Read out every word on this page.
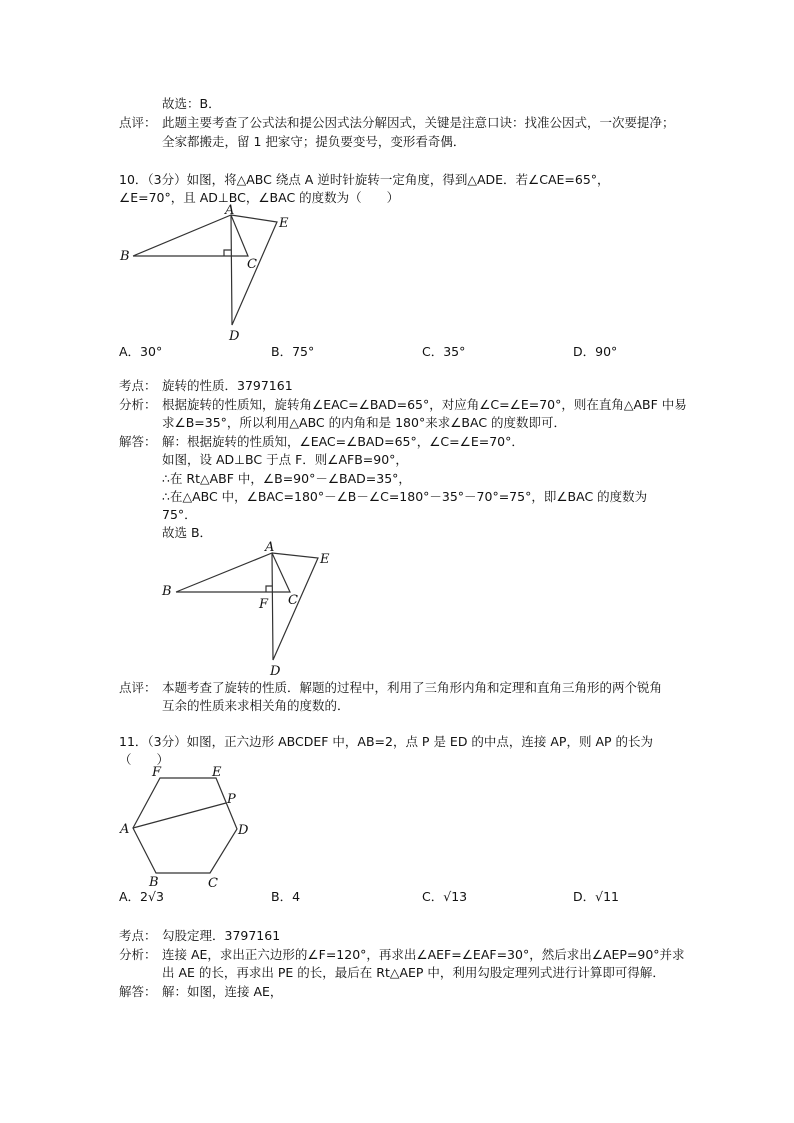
故选：B．
点评： 此题主要考查了公式法和提公因式法分解因式，关键是注意口诀：找准公因式，一次要提净；
全家都搬走，留 1 把家守；提负要变号，变形看奇偶．
10．（3分）如图，将△ABC 绕点 A 逆时针旋转一定角度，得到△ADE．若∠CAE=65°，
∠E=70°，且 AD⊥BC，∠BAC 的度数为（　　）
A
B
C
D
E
A
B
C
D
E
F
F	E
P
D
C
B
A
A．30°	B．75°	C．35°	D．90°
考点： 旋转的性质．3797161
分析： 根据旋转的性质知，旋转角∠EAC=∠BAD=65°，对应角∠C=∠E=70°，则在直角△ABF 中易
求∠B=35°，所以利用△ABC 的内角和是 180°来求∠BAC 的度数即可．
解答： 解：根据旋转的性质知，∠EAC=∠BAD=65°，∠C=∠E=70°．
如图，设 AD⊥BC 于点 F．则∠AFB=90°，
∴在 Rt△ABF 中，∠B=90°－∠BAD=35°，
∴在△ABC 中，∠BAC=180°－∠B－∠C=180°－35°－70°=75°，即∠BAC 的度数为
75°．
故选 B．
点评： 本题考查了旋转的性质．解题的过程中，利用了三角形内角和定理和直角三角形的两个锐角
互余的性质来求相关角的度数的．
11．（3分）如图，正六边形 ABCDEF 中，AB=2，点 P 是 ED 的中点，连接 AP，则 AP 的长为
（　　）
A．2√3	B．4	C．√13	D．√11
考点： 勾股定理．3797161
分析： 连接 AE，求出正六边形的∠F=120°，再求出∠AEF=∠EAF=30°，然后求出∠AEP=90°并求
出 AE 的长，再求出 PE 的长，最后在 Rt△AEP 中，利用勾股定理列式进行计算即可得解．
解答： 解：如图，连接 AE，
